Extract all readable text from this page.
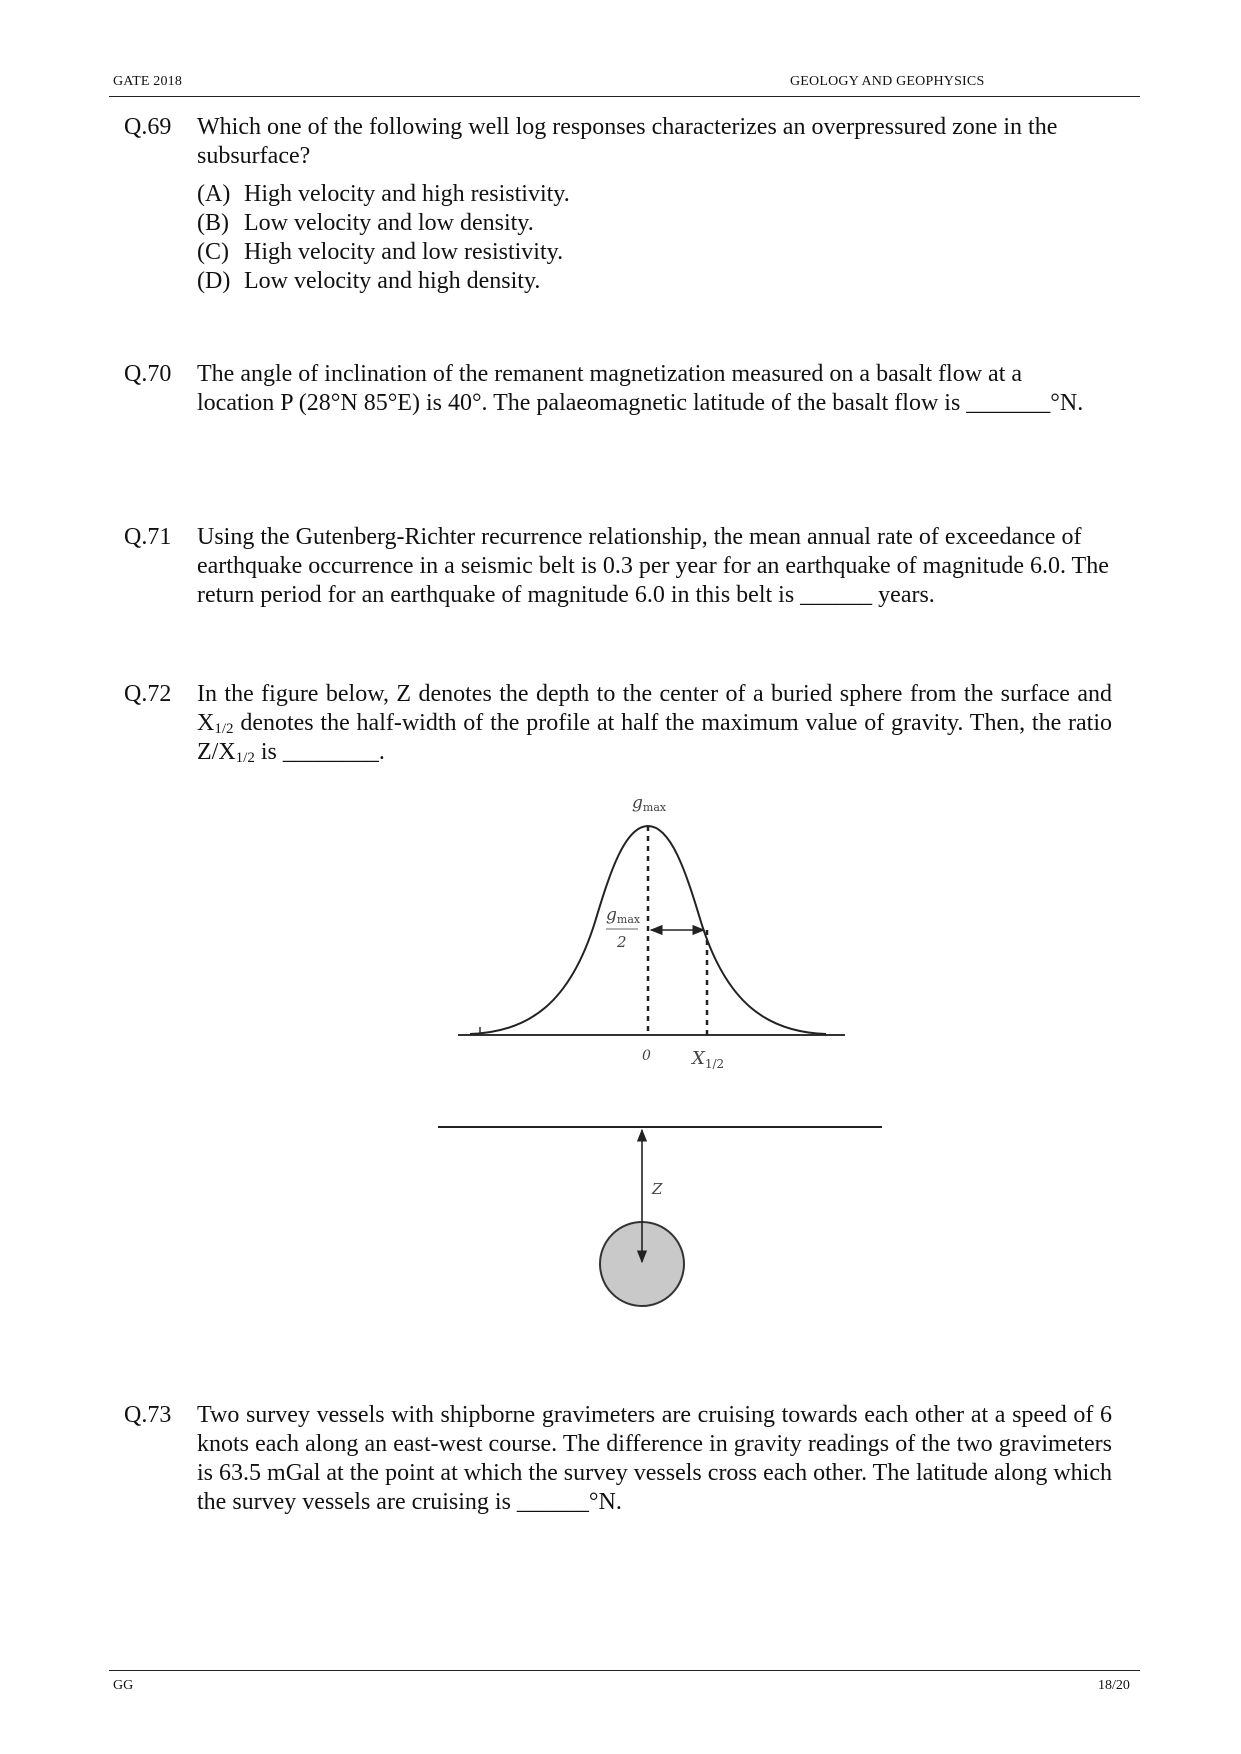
GATE 2018	GEOLOGY AND GEOPHYSICS
Q.69 Which one of the following well log responses characterizes an overpressured zone in the subsurface?
(A) High velocity and high resistivity.
(B) Low velocity and low density.
(C) High velocity and low resistivity.
(D) Low velocity and high density.
Q.70 The angle of inclination of the remanent magnetization measured on a basalt flow at a location P (28°N 85°E) is 40°. The palaeomagnetic latitude of the basalt flow is _______°N.
Q.71 Using the Gutenberg-Richter recurrence relationship, the mean annual rate of exceedance of earthquake occurrence in a seismic belt is 0.3 per year for an earthquake of magnitude 6.0. The return period for an earthquake of magnitude 6.0 in this belt is ______ years.
Q.72 In the figure below, Z denotes the depth to the center of a buried sphere from the surface and $X_{1/2}$ denotes the half-width of the profile at half the maximum value of gravity. Then, the ratio $Z/X_{1/2}$ is ________.
gmax
gmax
2
0 $X_{1/2}$
Z
Q.73 Two survey vessels with shipborne gravimeters are cruising towards each other at a speed of 6 knots each along an east-west course. The difference in gravity readings of the two gravimeters is 63.5 mGal at the point at which the survey vessels cross each other. The latitude along which the survey vessels are cruising is ______°N.
GG	18/20
